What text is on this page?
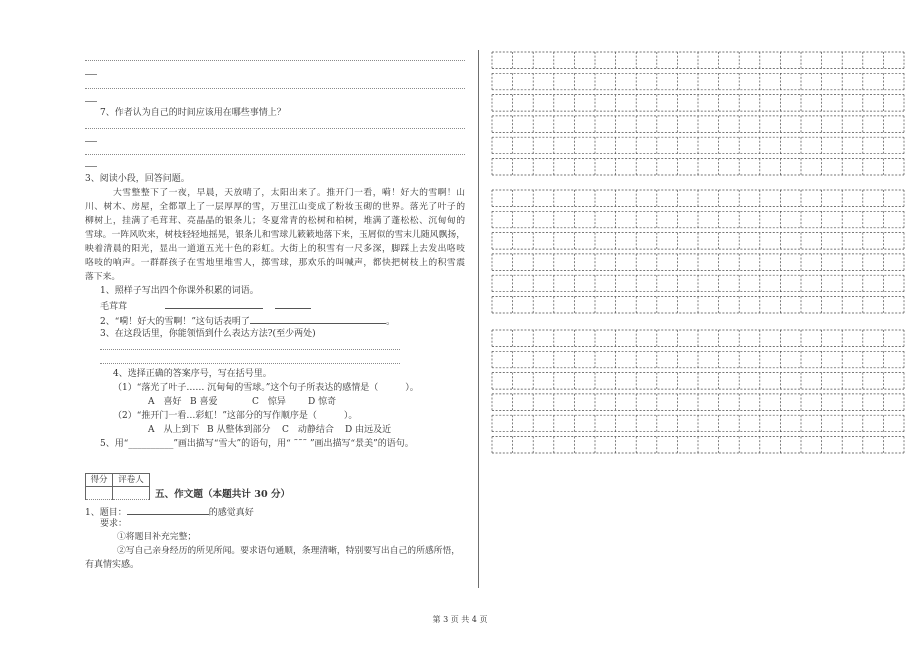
7、作者认为自己的时间应该用在哪些事情上？
3、阅读小段，回答问题。
大雪整整下了一夜，早晨，天放晴了，太阳出来了。推开门一看，嗬！好大的雪啊！山
川、树木、房屋，全都罩上了一层厚厚的雪，万里江山变成了粉妆玉砌的世界。落光了叶子的
柳树上，挂满了毛茸茸、亮晶晶的银条儿；冬夏常青的松树和柏树，堆满了蓬松松、沉甸甸的
雪球。一阵风吹来，树枝轻轻地摇晃，银条儿和雪球儿簌簌地落下来，玉屑似的雪末儿随风飘扬，
映着清晨的阳光，显出一道道五光十色的彩虹。大街上的积雪有一尺多深，脚踩上去发出咯吱
咯吱的响声。一群群孩子在雪地里堆雪人，掷雪球，那欢乐的叫喊声，都快把树枝上的积雪震
落下来。
1、照样子写出四个你课外积累的词语。
毛茸茸
2、“嗬！好大的雪啊！”这句话表明了	。
3、在这段话里，你能领悟到什么表达方法?(至少两处)
4、选择正确的答案序号，写在括号里。
（1）“落光了叶子…… 沉甸甸的雪球。”这个句子所表达的感情是（　　　）。
A　喜好 B 喜爱	C　惊异 D 惊奇
（2）“推开门一看…彩虹！”这部分的写作顺序是（　　　）。
A　从上到下 B 从整体到部分 C　动静结合 D 由远及近
5、用“__________”画出描写“雪大”的语句，用“ ˜˜˜ ”画出描写“景美”的语句。
得分	评卷人

五、作文题（本题共计 30 分）
1、题目：	的感觉真好
要求：
①将题目补充完整；
②写自己亲身经历的所见所闻。要求语句通顺，条理清晰，特别要写出自己的所感所悟，
有真情实感。
第 3 页 共 4 页
